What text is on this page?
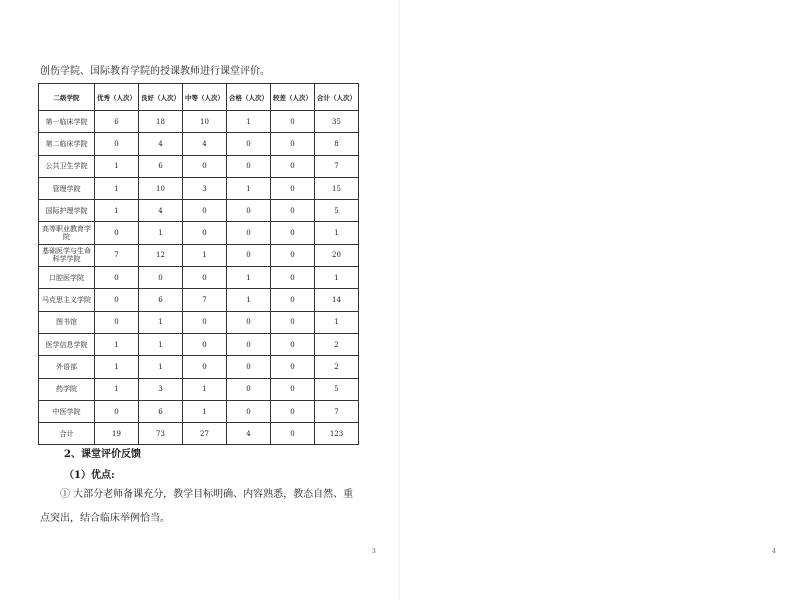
创伤学院、国际教育学院的授课教师进行课堂评价。
二级学院	优秀（人次）	良好（人次）	中等（人次）	合格（人次）	较差（人次）	合计（人次）
第一临床学院	6	18	10	1	0	35
第二临床学院	0	4	4	0	0	8
公共卫生学院	1	6	0	0	0	7
管理学院	1	10	3	1	0	15
国际护理学院	1	4	0	0	0	5
高等职业教育学院	0	1	0	0	0	1
基础医学与生命科学学院	7	12	1	0	0	20
口腔医学院	0	0	0	1	0	1
马克思主义学院	0	6	7	1	0	14
图书馆	0	1	0	0	0	1
医学信息学院	1	1	0	0	0	2
外语部	1	1	0	0	0	2
药学院	1	3	1	0	0	5
中医学院	0	6	1	0	0	7
合计	19	73	27	4	0	123
2、课堂评价反馈
（1）优点:

① 大部分老师备课充分，教学目标明确、内容熟悉，教态自然、重点突出，结合临床举例恰当。

3	4
